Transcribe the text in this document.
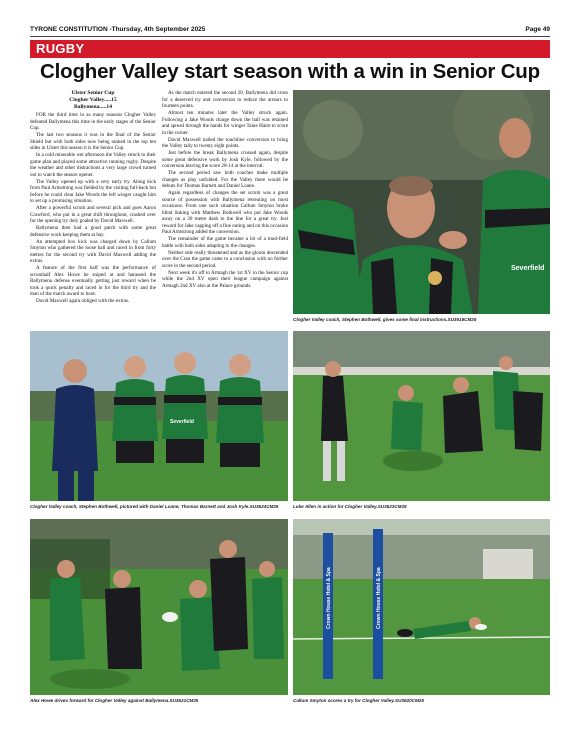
TYRONE CONSTITUTION -Thursday, 4th September 2025	Page 49
RUGBY
Clogher Valley start season with a win in Senior Cup
Ulster Senior Cup
Clogher Valley.....15
Ballymena.....14

FOR the third time in as many seasons Clogher Valley defeated Ballymena this time in the early stages of the Senior Cup.

The last two seasons it was in the final of the Senior Shield but with both sides now being ranked in the top ten sides in Ulster this season it is the Senior Cup.

In a cold miserable wet afternoon the Valley struck to their game plan and played some attractive running rugby. Despite the weather and other distractions a very large crowd turned out to watch the season opener.

The Valley opened up with a very early try. Along kick from Paul Armstrong was fielded by the visiting full-back but before he could clear Jake Woods the left winger caught him to set up a promising situation.

After a powerful scrum and several pick and goes Aaron Crawford, who put in a great shift throughout, crashed over for the opening try duly goaled by David Maxwell.

Ballymena then had a good patch with some great defensive work keeping them at bay.

An attempted box kick was charged down by Callum Smyton who gathered the loose ball and raced in from forty metres for the second try with David Maxwell adding the extras.

A feature of the first half was the performance of scrumhalf Alex Howe he sniped at and harassed the Ballymena defense eventually getting just reward when he took a quick penalty and raced in for the third try and the man of the match award to boot.

David Maxwell again obliged with the extras.

As the match entered the second 20, Ballymena did cross for a deserved try and conversion to reduce the arrears to fourteen points.

Almost ten minutes later the Valley struck again. Following a Jake Woods charge down the ball was retained and spread through the hands for winger Taine Haire to score in the corner.

David Maxwell nailed the touchline conversion to bring the Valley tally to twenty eight points.

Just before the break Ballymena crossed again, despite some great defensive work by Josh Kyle, followed by the conversion leaving the score 28-14 at the interval.

The second period saw both coaches make multiple changes as play unfolded. For the Valley there would be debuts for Thomas Barnett and Daniel Loane.

Again regardless of changes the set scrum was a great source of possession with Ballymena retreating on most occasions. From one such situation Callum Smyton broke blind linking with Matthew Bothwell who put Jake Woods away on a 30 metre dash to the line for a great try. Just reward for Jake capping off a fine outing and on this occasion Paul Armstrong added the conversion.

The remainder of the game became a bit of a mud-field battle with both sides adapting to the changes.

Neither side really threatened and as the gloom descended over the Cran the game came to a conclusion with no further score in the second period.

Next week it's off to Armagh the 1st XV in the Senior cup while the 2nd XV open their league campaign against Armagh 2nd XV also at the Palace grounds.

Severfield
Clogher Valley coach, Stephen Bothwell, gives some final instructions.SU3616CM25
Severfield
Clogher Valley coach, Stephen Bothwell, pictured with Daniel Loane, Thomas Barnett and Josh Kyle.SU3624CM25	Luke Allen in action for Clogher Valley.SU3623CM25
Alex Howe drives forward for Clogher Valley against Ballymena.SU3621CM25
Crown House Hotel & Spa	Crown House Hotel & Spa
Callum Smyton scores a try for Clogher Valley.SU3620CM25
